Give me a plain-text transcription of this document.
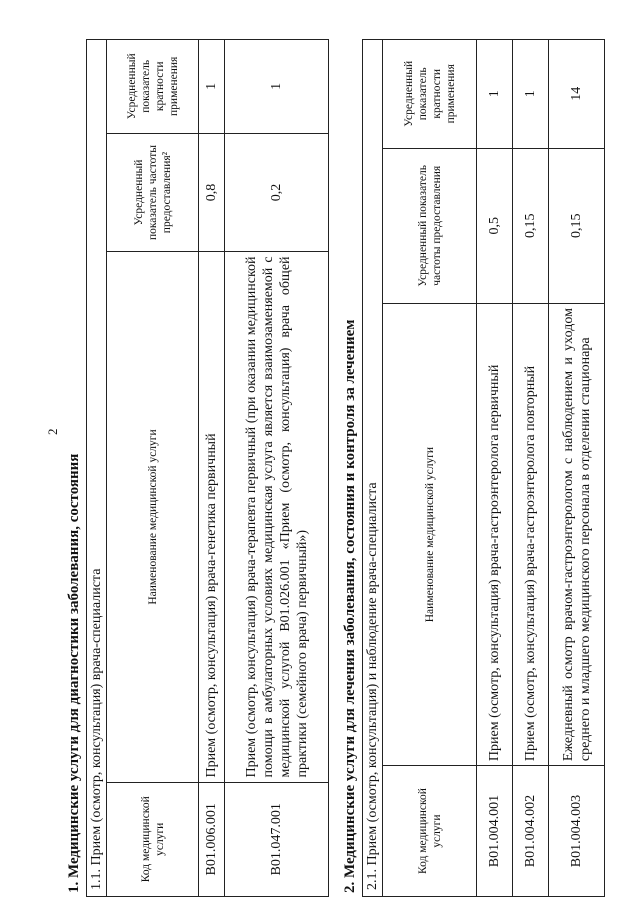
2
1. Медицинские услуги для диагностики заболевания, состояния 1.1. Прием (осмотр, консультация) врача-специалиста			
Код медицинской услуги	Наименование медицинской услуги	Усредненный показатель частоты предоставления²	Усредненный показатель кратности применения
B01.006.001	Прием (осмотр, консультация) врача-генетика первичный	0,8	1
B01.047.001	Прием (осмотр, консультация) врача-терапевта первичный (при оказании медицинской помощи в амбулаторных условиях медицинская услуга является взаимозаменяемой с медицинской услугой B01.026.001 «Прием (осмотр, консультация) врача общей практики (семейного врача) первичный»)	0,2	1
2. Медицинские услуги для лечения заболевания, состояния и контроля за лечением 2.1. Прием (осмотр, консультация) и наблюдение врача-специалиста			
Код медицинской услуги	Наименование медицинской услуги	Усредненный показатель частоты предоставления	Усредненный показатель кратности применения
B01.004.001	Прием (осмотр, консультация) врача-гастроэнтеролога первичный	0,5	1
B01.004.002	Прием (осмотр, консультация) врача-гастроэнтеролога повторный	0,15	1
B01.004.003	Ежедневный осмотр врачом-гастроэнтерологом с наблюдением и уходом среднего и младшего медицинского персонала в отделении стационара	0,15	14
